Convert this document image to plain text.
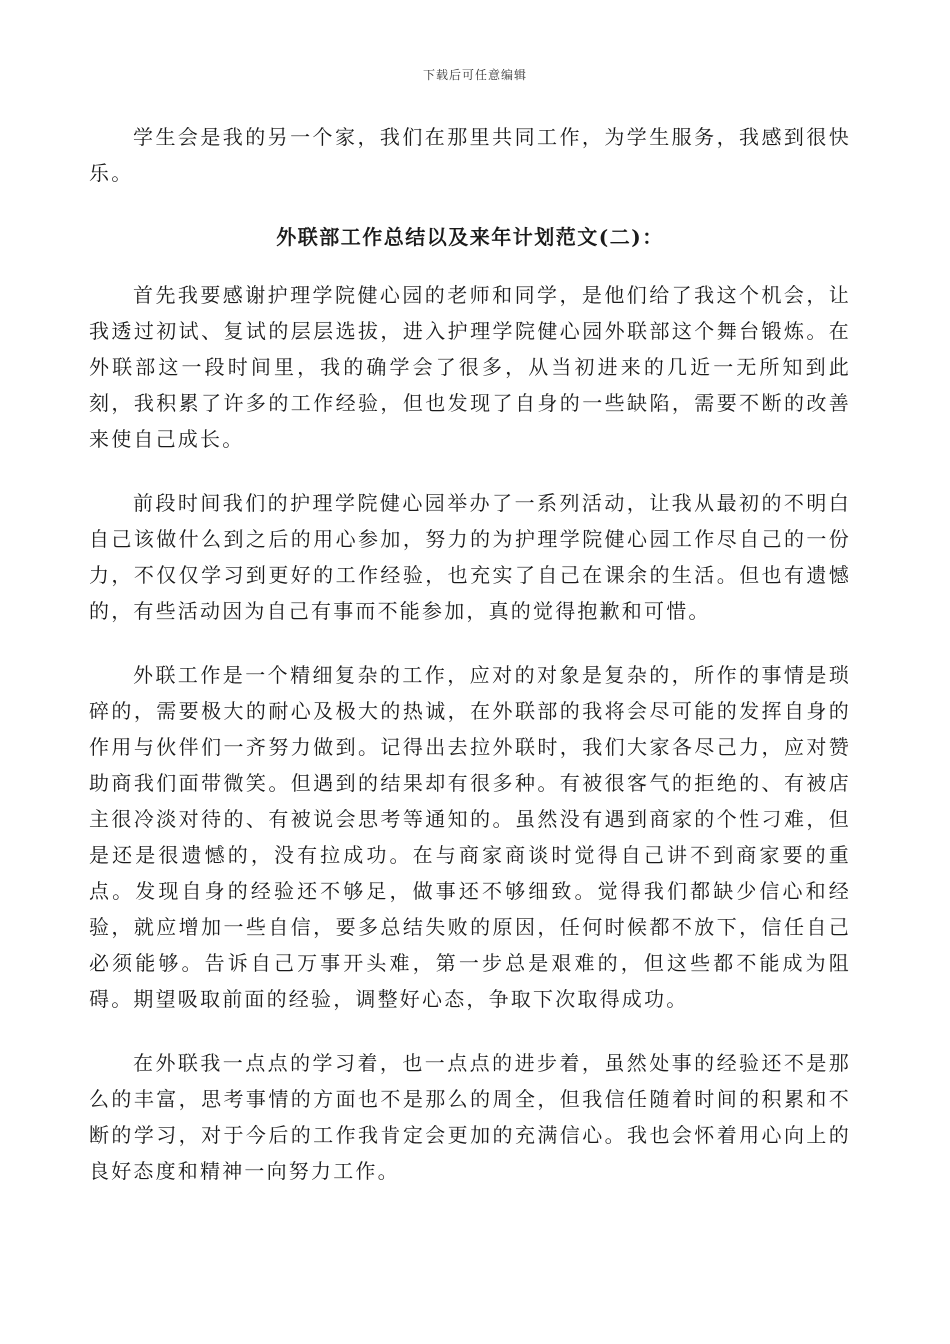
下载后可任意编辑

学生会是我的另一个家，我们在那里共同工作，为学生服务，我感到很快乐。

外联部工作总结以及来年计划范文(二)：

首先我要感谢护理学院健心园的老师和同学，是他们给了我这个机会，让我透过初试、复试的层层选拔，进入护理学院健心园外联部这个舞台锻炼。在外联部这一段时间里，我的确学会了很多，从当初进来的几近一无所知到此刻，我积累了许多的工作经验，但也发现了自身的一些缺陷，需要不断的改善来使自己成长。

前段时间我们的护理学院健心园举办了一系列活动，让我从最初的不明白自己该做什么到之后的用心参加，努力的为护理学院健心园工作尽自己的一份力，不仅仅学习到更好的工作经验，也充实了自己在课余的生活。但也有遗憾的，有些活动因为自己有事而不能参加，真的觉得抱歉和可惜。

外联工作是一个精细复杂的工作，应对的对象是复杂的，所作的事情是琐碎的，需要极大的耐心及极大的热诚，在外联部的我将会尽可能的发挥自身的作用与伙伴们一齐努力做到。记得出去拉外联时，我们大家各尽己力，应对赞助商我们面带微笑。但遇到的结果却有很多种。有被很客气的拒绝的、有被店主很冷淡对待的、有被说会思考等通知的。虽然没有遇到商家的个性刁难，但是还是很遗憾的，没有拉成功。在与商家商谈时觉得自己讲不到商家要的重点。发现自身的经验还不够足，做事还不够细致。觉得我们都缺少信心和经验，就应增加一些自信，要多总结失败的原因，任何时候都不放下，信任自己必须能够。告诉自己万事开头难，第一步总是艰难的，但这些都不能成为阻碍。期望吸取前面的经验，调整好心态，争取下次取得成功。

在外联我一点点的学习着，也一点点的进步着，虽然处事的经验还不是那么的丰富，思考事情的方面也不是那么的周全，但我信任随着时间的积累和不断的学习，对于今后的工作我肯定会更加的充满信心。我也会怀着用心向上的良好态度和精神一向努力工作。
